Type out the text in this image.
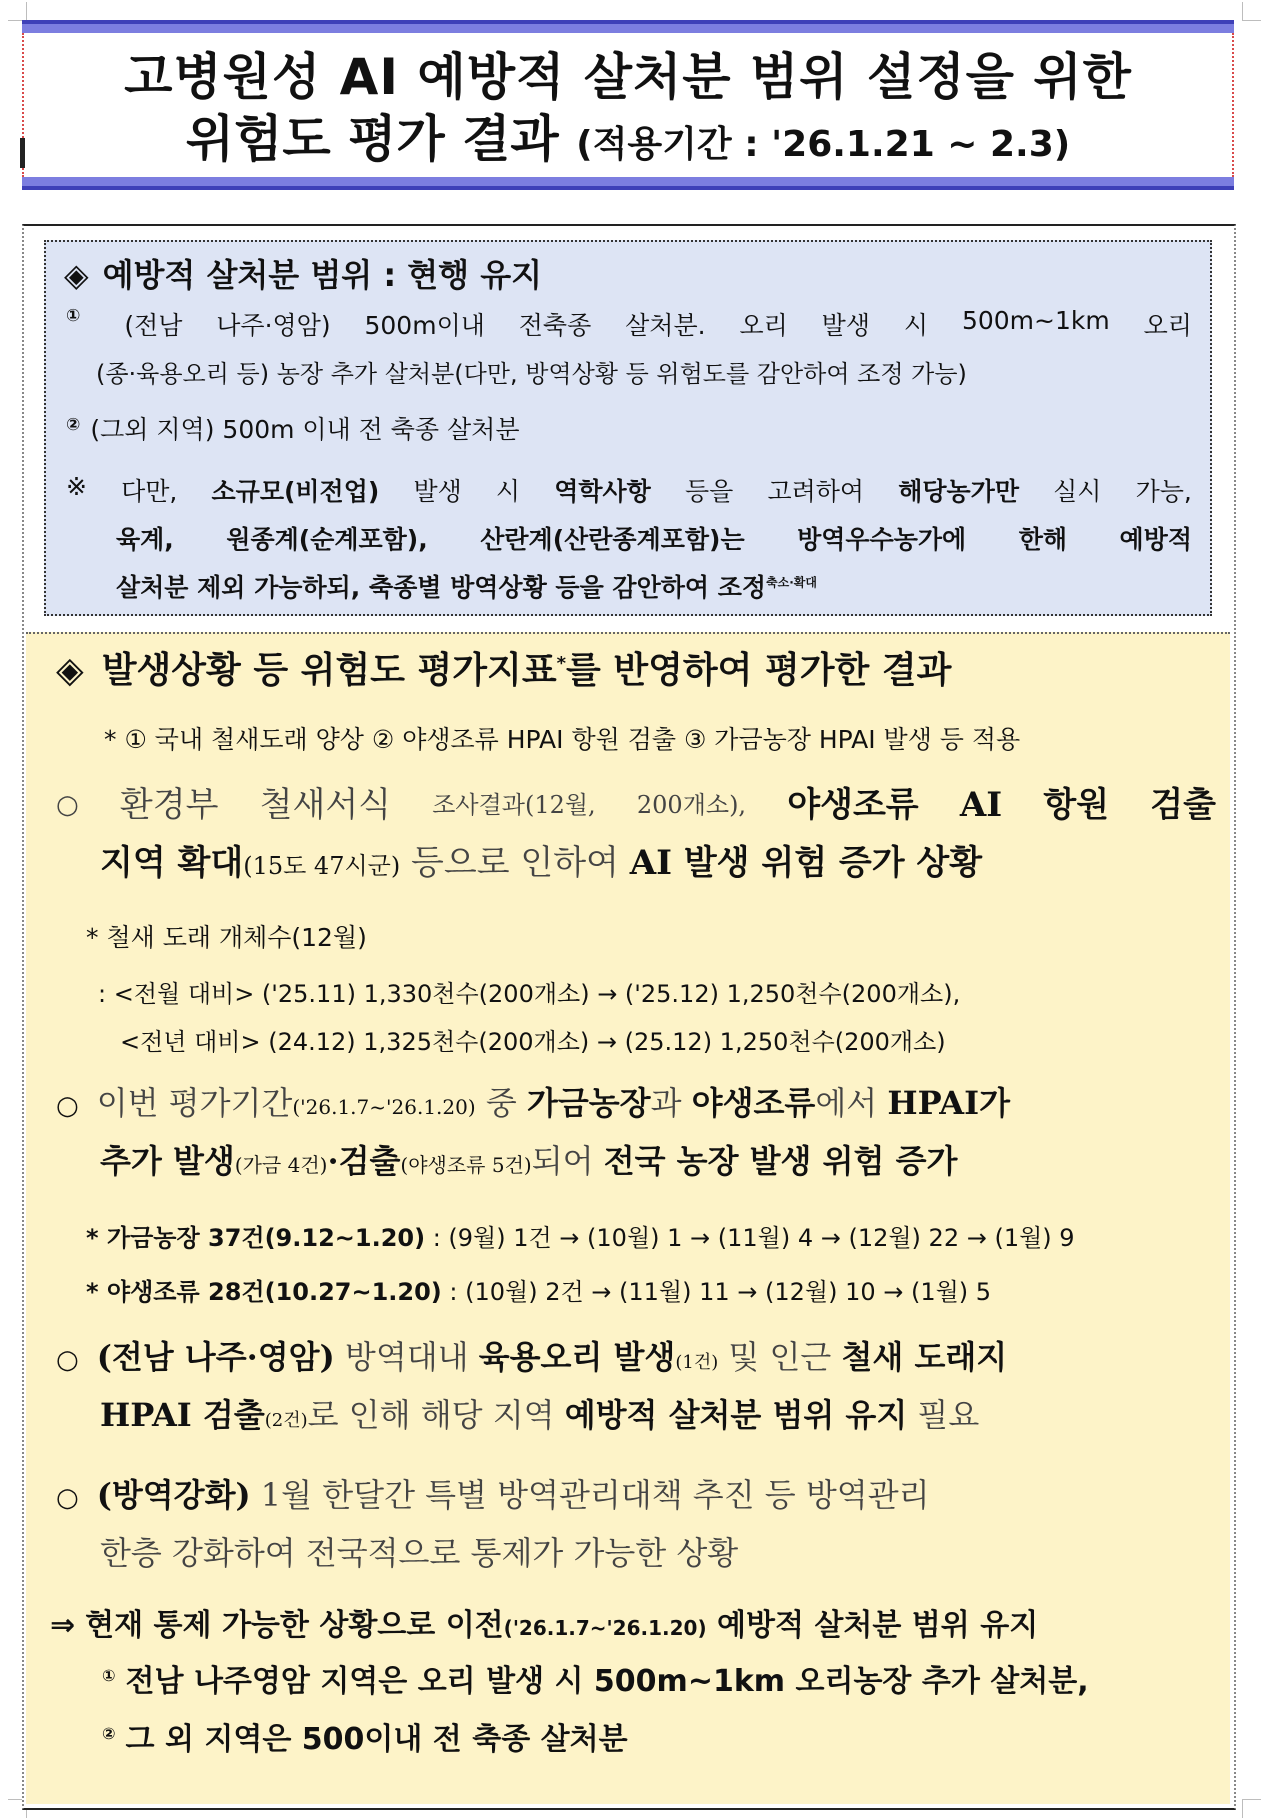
고병원성 AI 예방적 살처분 범위 설정을 위한
위험도 평가 결과 (적용기간 : '26.1.21 ~ 2.3)
◈ 예방적 살처분 범위 : 현행 유지
① (전남 나주·영암) 500m이내 전축종 살처분. 오리 발생 시 500m~1km 오리
(종·육용오리 등) 농장 추가 살처분(다만, 방역상황 등 위험도를 감안하여 조정 가능)
② (그외 지역) 500m 이내 전 축종 살처분
※ 다만, 소규모(비전업) 발생 시 역학사항 등을 고려하여 해당농가만 실시 가능,
육계, 원종계(순계포함), 산란계(산란종계포함)는 방역우수농가에 한해 예방적
살처분 제외 가능하되, 축종별 방역상황 등을 감안하여 조정$^{축소\cdot 확대}$
◈ 발생상황 등 위험도 평가지표*를 반영하여 평가한 결과
* ① 국내 철새도래 양상 ② 야생조류 HPAI 항원 검출 ③ 가금농장 HPAI 발생 등 적용
○ 환경부 철새서식 조사결과(12월, 200개소), 야생조류 AI 항원 검출
지역 확대(15도 47시군) 등으로 인하여 AI 발생 위험 증가 상황
* 철새 도래 개체수(12월)
: <전월 대비> ('25.11) 1,330천수(200개소) → ('25.12) 1,250천수(200개소),
<전년 대비> (24.12) 1,325천수(200개소) → (25.12) 1,250천수(200개소)
○ 이번 평가기간('26.1.7~'26.1.20) 중 가금농장과 야생조류에서 HPAI가
추가 발생(가금 4건)·검출(야생조류 5건)되어 전국 농장 발생 위험 증가
* 가금농장 37건(9.12~1.20) : (9월) 1건 → (10월) 1 → (11월) 4 → (12월) 22 → (1월) 9
* 야생조류 28건(10.27~1.20) : (10월) 2건 → (11월) 11 → (12월) 10 → (1월) 5
○ (전남 나주·영암) 방역대내 육용오리 발생(1건) 및 인근 철새 도래지
HPAI 검출(2건)로 인해 해당 지역 예방적 살처분 범위 유지 필요
○ (방역강화) 1월 한달간 특별 방역관리대책 추진 등 방역관리
한층 강화하여 전국적으로 통제가 가능한 상황
⇒ 현재 통제 가능한 상황으로 이전('26.1.7~'26.1.20) 예방적 살처분 범위 유지
① 전남 나주영암 지역은 오리 발생 시 500m~1km 오리농장 추가 살처분,
② 그 외 지역은 500이내 전 축종 살처분
